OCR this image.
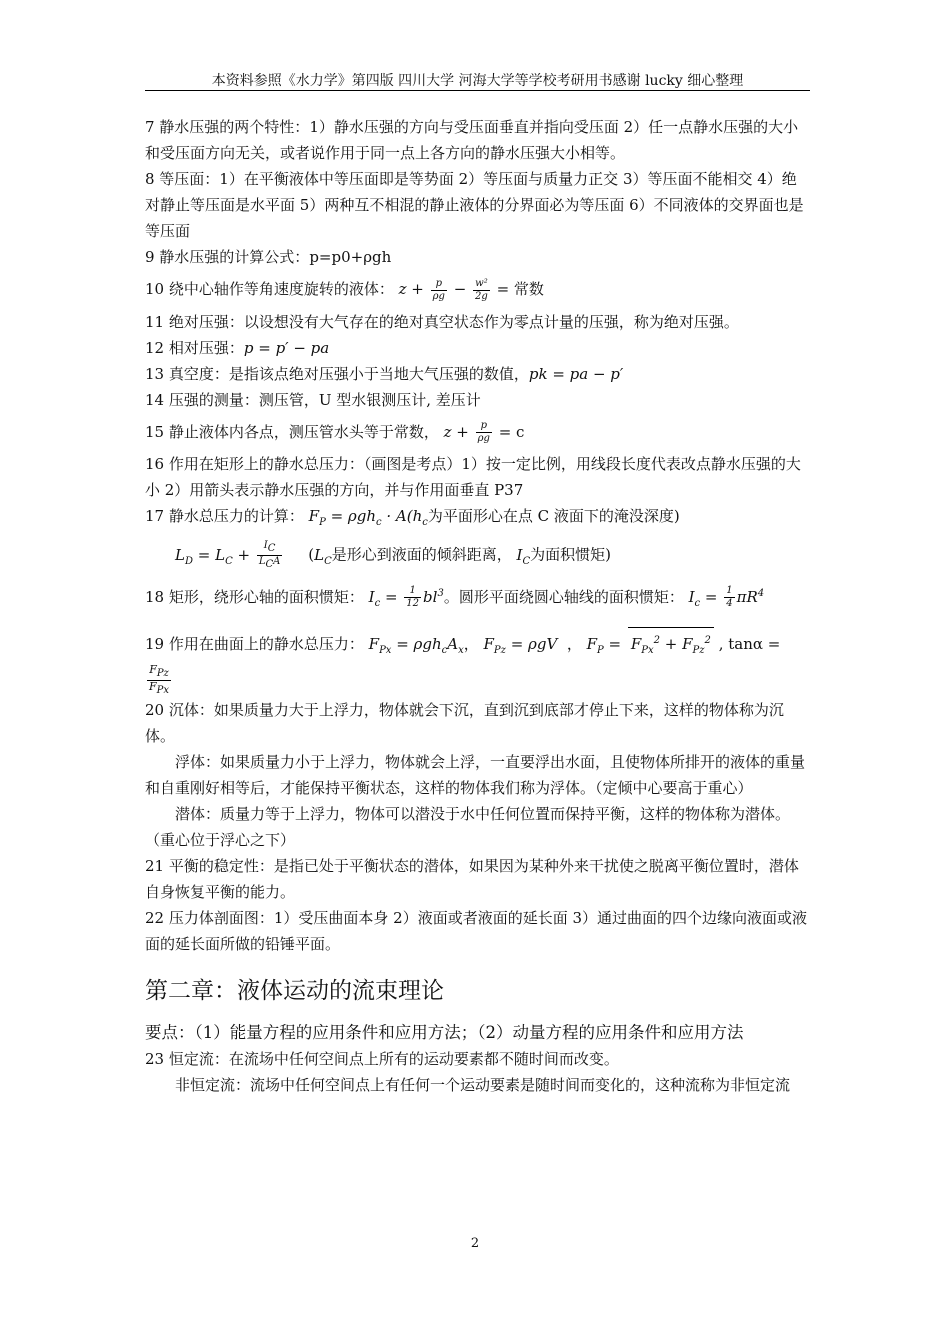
本资料参照《水力学》第四版 四川大学 河海大学等学校考研用书感谢 lucky 细心整理

7 静水压强的两个特性：1）静水压强的方向与受压面垂直并指向受压面 2）任一点静水压强的大小和受压面方向无关，或者说作用于同一点上各方向的静水压强大小相等。

8 等压面：1）在平衡液体中等压面即是等势面 2）等压面与质量力正交 3）等压面不能相交 4）绝对静止等压面是水平面 5）两种互不相混的静止液体的分界面必为等压面 6）不同液体的交界面也是等压面

9 静水压强的计算公式：p=p0+ρgh

10 绕中心轴作等角速度旋转的液体： $z + \frac{p}{\rho g} - \frac{\text{w²}}{2g}$ = 常数

11 绝对压强：以设想没有大气存在的绝对真空状态作为零点计量的压强，称为绝对压强。

12 相对压强：p = p′ − pa

13 真空度：是指该点绝对压强小于当地大气压强的数值，pk = pa − p′

14 压强的测量：测压管，U 型水银测压计, 差压计

15 静止液体内各点，测压管水头等于常数， $z + \frac{p}{\rho g} = c$

16 作用在矩形上的静水总压力：（画图是考点）1）按一定比例，用线段长度代表改点静水压强的大小 2）用箭头表示静水压强的方向，并与作用面垂直 P37

17 静水总压力的计算： $F_P = \rho gh_c \cdot A(h_c$为平面形心在点 C 液面下的淹没深度)

$L_D = L_C + \frac{IC}{\text{LCA}} (L_C$是形心到液面的倾斜距离， $I_C$为面积惯矩)

18 矩形，绕形心轴的面积惯矩： $I_c = \frac{1}{12} bl^3$。圆形平面绕圆心轴线的面积惯矩： $I_c = \frac{1}{4} \pi R^4$

19 作用在曲面上的静水总压力： $F_{Px} = \rho gh_cA_x$， $F_{Pz} = \rho gV$  ， $F_P = F_{Px}^2 + F_{Pz}^2$ , tanα =

$\frac{\text{FPz}}{\text{FPx}}$

20 沉体：如果质量力大于上浮力，物体就会下沉，直到沉到底部才停止下来，这样的物体称为沉体。

浮体：如果质量力小于上浮力，物体就会上浮，一直要浮出水面，且使物体所排开的液体的重量和自重刚好相等后，才能保持平衡状态，这样的物体我们称为浮体。（定倾中心要高于重心）

潜体：质量力等于上浮力，物体可以潜没于水中任何位置而保持平衡，这样的物体称为潜体。（重心位于浮心之下）

21 平衡的稳定性：是指已处于平衡状态的潜体，如果因为某种外来干扰使之脱离平衡位置时，潜体自身恢复平衡的能力。

22 压力体剖面图：1）受压曲面本身 2）液面或者液面的延长面 3）通过曲面的四个边缘向液面或液面的延长面所做的铅锤平面。

第二章：液体运动的流束理论

要点：（1）能量方程的应用条件和应用方法；（2）动量方程的应用条件和应用方法

23 恒定流：在流场中任何空间点上所有的运动要素都不随时间而改变。

非恒定流：流场中任何空间点上有任何一个运动要素是随时间而变化的，这种流称为非恒定流

2
